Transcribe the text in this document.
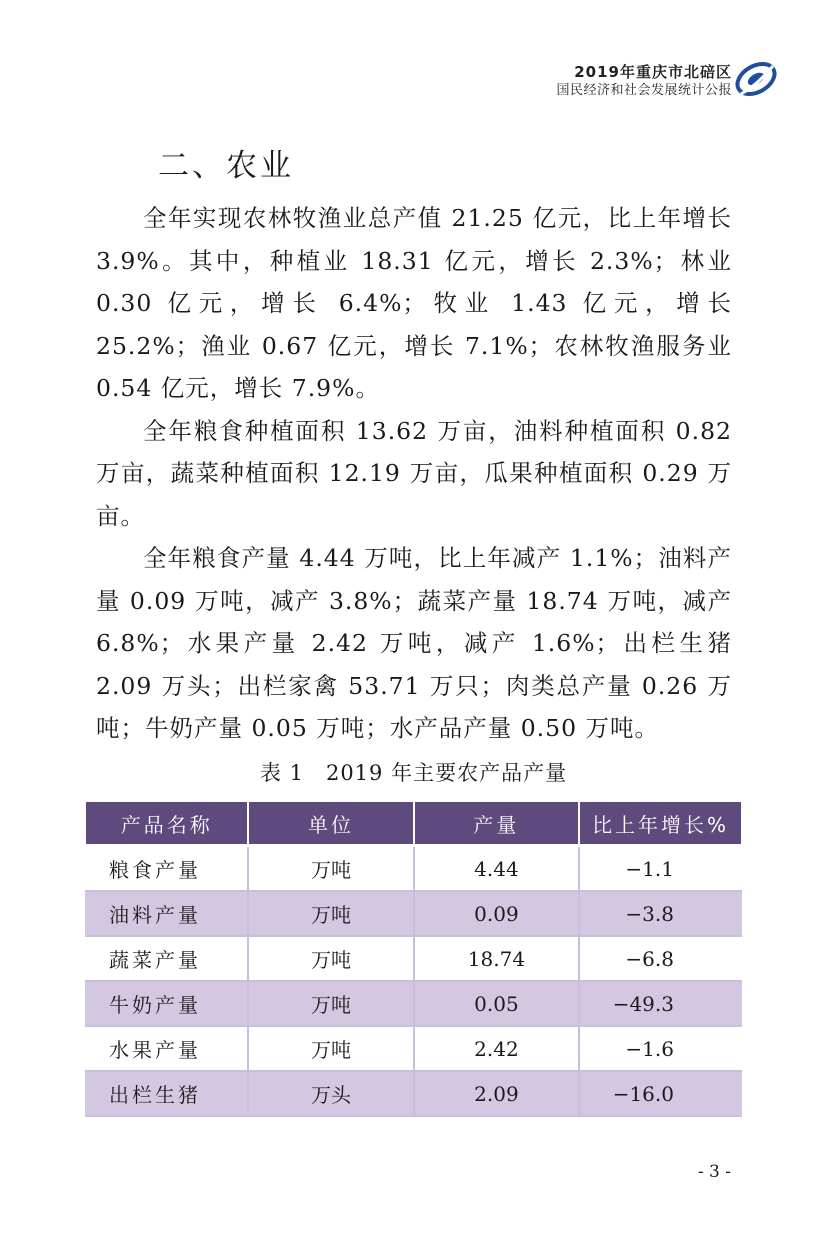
2019年重庆市北碚区
国民经济和社会发展统计公报
二、农业

全年实现农林牧渔业总产值 21.25 亿元，比上年增长 3.9%。其中，种植业 18.31 亿元，增长 2.3%；林业 0.30 亿元，增长 6.4%；牧业 1.43 亿元，增长 25.2%；渔业 0.67 亿元，增长 7.1%；农林牧渔服务业 0.54 亿元，增长 7.9%。

全年粮食种植面积 13.62 万亩，油料种植面积 0.82 万亩，蔬菜种植面积 12.19 万亩，瓜果种植面积 0.29 万亩。

全年粮食产量 4.44 万吨，比上年减产 1.1%；油料产量 0.09 万吨，减产 3.8%；蔬菜产量 18.74 万吨，减产 6.8%；水果产量 2.42 万吨，减产 1.6%；出栏生猪 2.09 万头；出栏家禽 53.71 万只；肉类总产量 0.26 万吨；牛奶产量 0.05 万吨；水产品产量 0.50 万吨。

表 1　2019 年主要农产品产量
产品名称	单位	产量	比上年增长%
粮食产量	万吨	4.44	−1.1
油料产量	万吨	0.09	−3.8
蔬菜产量	万吨	18.74	−6.8
牛奶产量	万吨	0.05	−49.3
水果产量	万吨	2.42	−1.6
出栏生猪	万头	2.09	−16.0
- 3 -
